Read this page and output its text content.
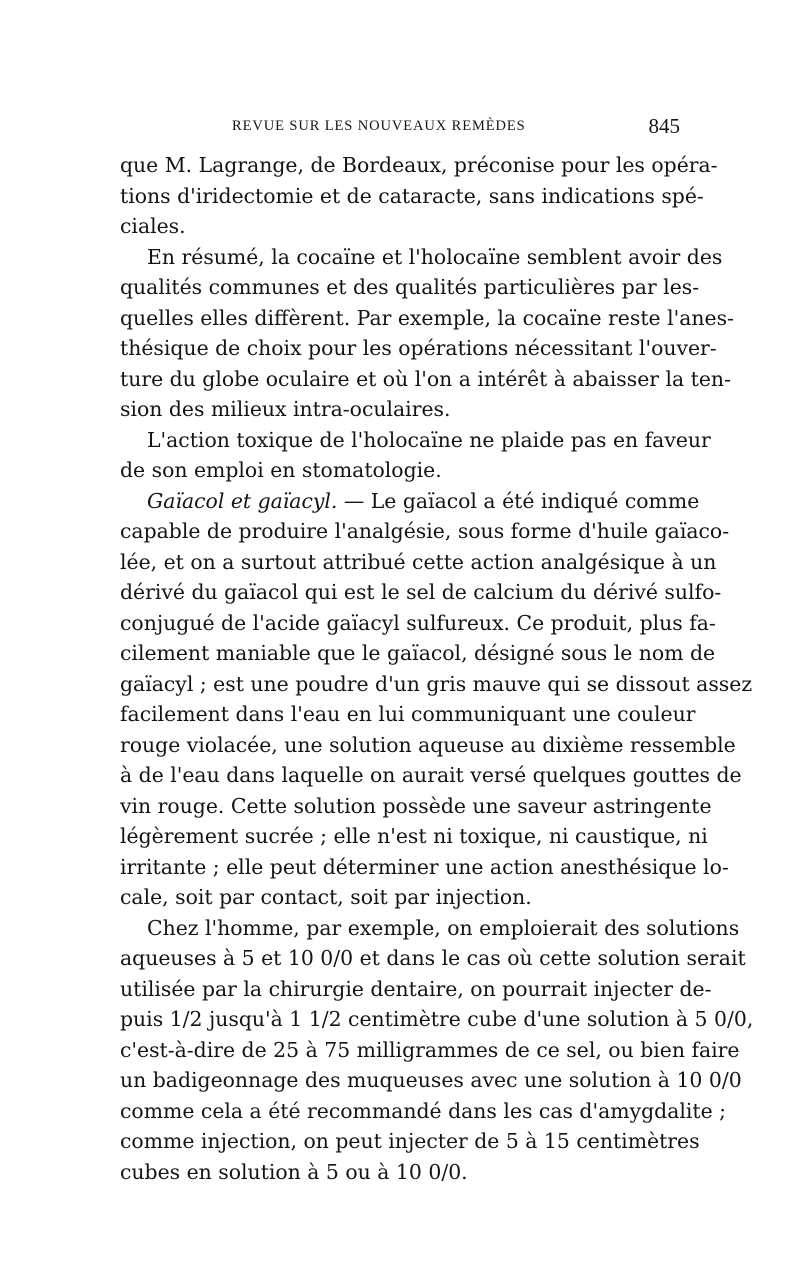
REVUE SUR LES NOUVEAUX REMÈDES	845
que M. Lagrange, de Bordeaux, préconise pour les opéra-
tions d'iridectomie et de cataracte, sans indications spé-
ciales.
En résumé, la cocaïne et l'holocaïne semblent avoir des
qualités communes et des qualités particulières par les-
quelles elles diffèrent. Par exemple, la cocaïne reste l'anes-
thésique de choix pour les opérations nécessitant l'ouver-
ture du globe oculaire et où l'on a intérêt à abaisser la ten-
sion des milieux intra-oculaires.
L'action toxique de l'holocaïne ne plaide pas en faveur
de son emploi en stomatologie.
Gaïacol et gaïacyl. — Le gaïacol a été indiqué comme
capable de produire l'analgésie, sous forme d'huile gaïaco-
lée, et on a surtout attribué cette action analgésique à un
dérivé du gaïacol qui est le sel de calcium du dérivé sulfo-
conjugué de l'acide gaïacyl sulfureux. Ce produit, plus fa-
cilement maniable que le gaïacol, désigné sous le nom de
gaïacyl ; est une poudre d'un gris mauve qui se dissout assez
facilement dans l'eau en lui communiquant une couleur
rouge violacée, une solution aqueuse au dixième ressemble
à de l'eau dans laquelle on aurait versé quelques gouttes de
vin rouge. Cette solution possède une saveur astringente
légèrement sucrée ; elle n'est ni toxique, ni caustique, ni
irritante ; elle peut déterminer une action anesthésique lo-
cale, soit par contact, soit par injection.
Chez l'homme, par exemple, on emploierait des solutions
aqueuses à 5 et 10 0/0 et dans le cas où cette solution serait
utilisée par la chirurgie dentaire, on pourrait injecter de-
puis 1/2 jusqu'à 1 1/2 centimètre cube d'une solution à 5 0/0,
c'est-à-dire de 25 à 75 milligrammes de ce sel, ou bien faire
un badigeonnage des muqueuses avec une solution à 10 0/0
comme cela a été recommandé dans les cas d'amygdalite ;
comme injection, on peut injecter de 5 à 15 centimètres
cubes en solution à 5 ou à 10 0/0.
